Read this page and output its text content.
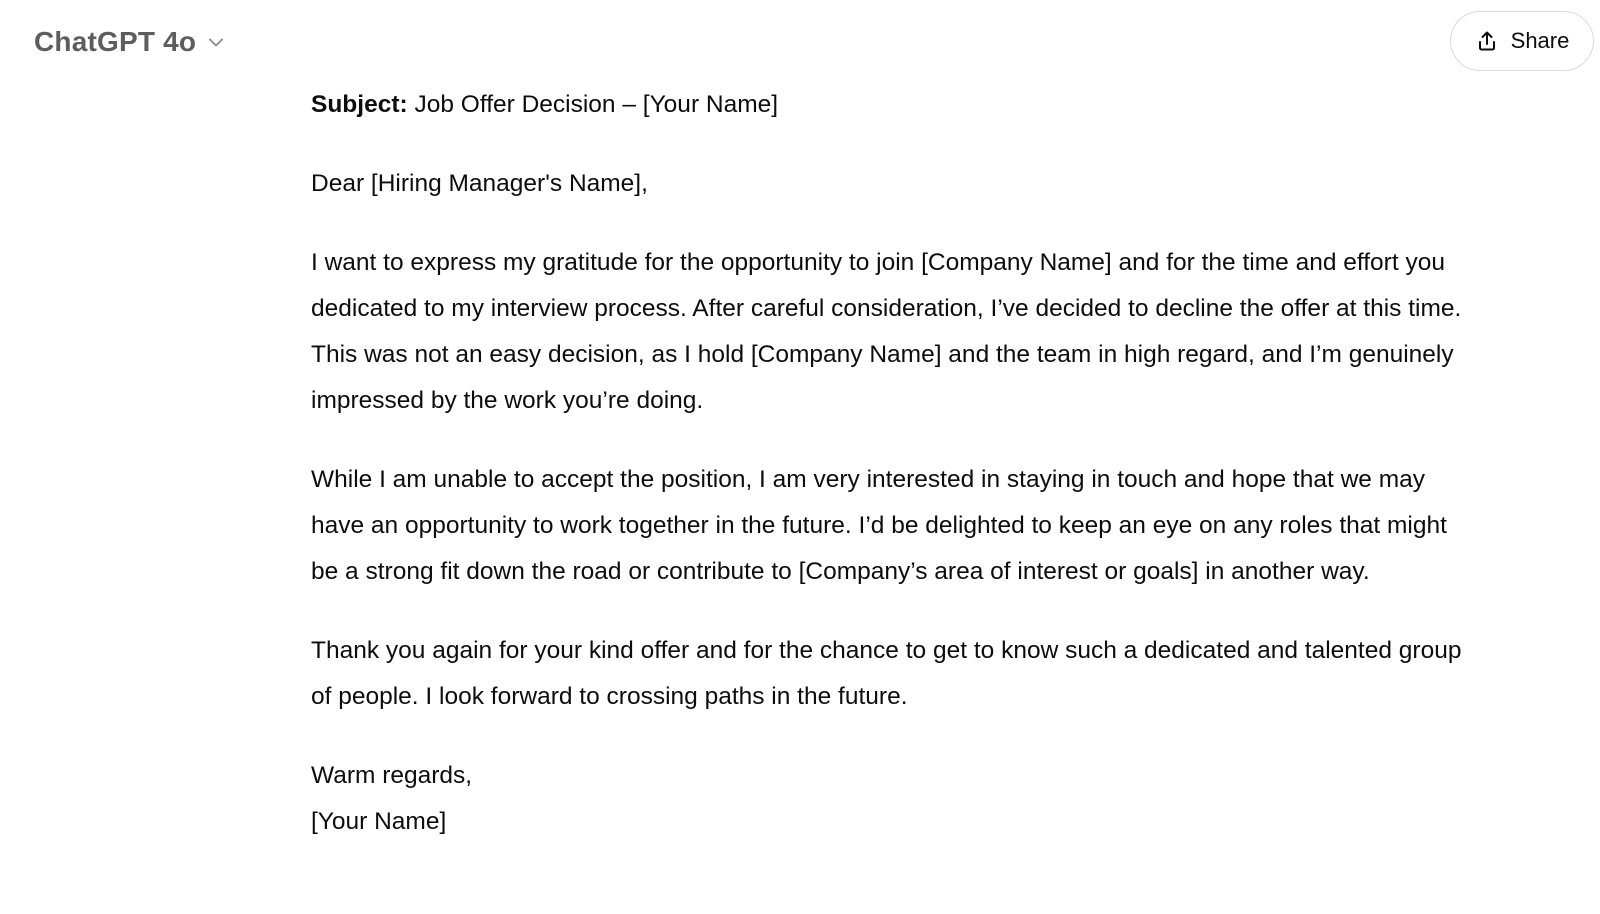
ChatGPT 4o	Share

Subject: Job Offer Decision – [Your Name]

Dear [Hiring Manager's Name],

I want to express my gratitude for the opportunity to join [Company Name] and for the time and effort you dedicated to my interview process. After careful consideration, I’ve decided to decline the offer at this time. This was not an easy decision, as I hold [Company Name] and the team in high regard, and I’m genuinely impressed by the work you’re doing.

While I am unable to accept the position, I am very interested in staying in touch and hope that we may have an opportunity to work together in the future. I’d be delighted to keep an eye on any roles that might be a strong fit down the road or contribute to [Company’s area of interest or goals] in another way.

Thank you again for your kind offer and for the chance to get to know such a dedicated and talented group of people. I look forward to crossing paths in the future.

Warm regards,
[Your Name]
